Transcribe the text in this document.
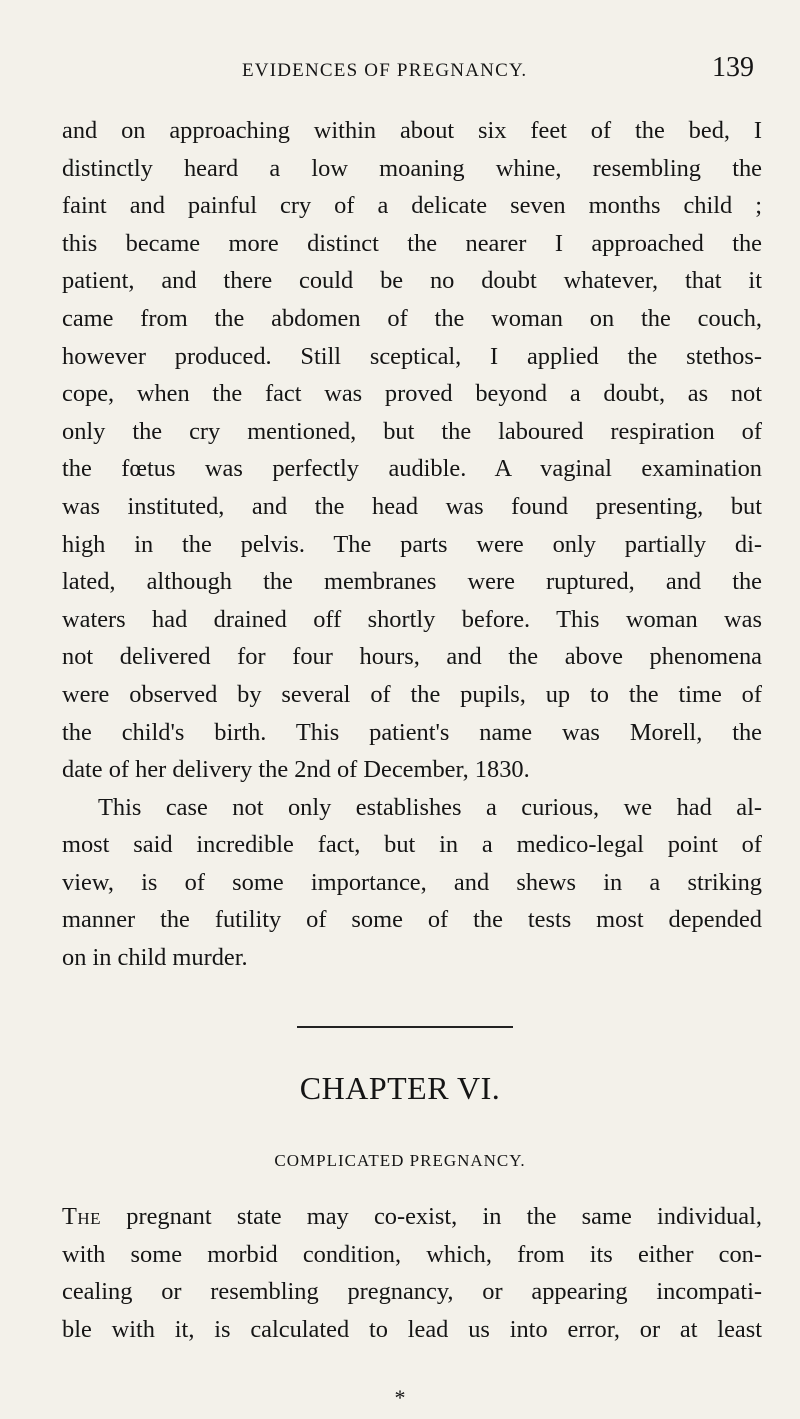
EVIDENCES OF PREGNANCY.	139
and on approaching within about six feet of the bed, I
distinctly heard a low moaning whine, resembling the
faint and painful cry of a delicate seven months child ;
this became more distinct the nearer I approached the
patient, and there could be no doubt whatever, that it
came from the abdomen of the woman on the couch,
however produced. Still sceptical, I applied the stethos-
cope, when the fact was proved beyond a doubt, as not
only the cry mentioned, but the laboured respiration of
the fœtus was perfectly audible. A vaginal examination
was instituted, and the head was found presenting, but
high in the pelvis. The parts were only partially di-
lated, although the membranes were ruptured, and the
waters had drained off shortly before. This woman was
not delivered for four hours, and the above phenomena
were observed by several of the pupils, up to the time of
the child's birth. This patient's name was Morell, the
date of her delivery the 2nd of December, 1830.
This case not only establishes a curious, we had al-
most said incredible fact, but in a medico-legal point of
view, is of some importance, and shews in a striking
manner the futility of some of the tests most depended
on in child murder.
CHAPTER VI.
COMPLICATED PREGNANCY.
The pregnant state may co-exist, in the same individual,
with some morbid condition, which, from its either con-
cealing or resembling pregnancy, or appearing incompati-
ble with it, is calculated to lead us into error, or at least
*
